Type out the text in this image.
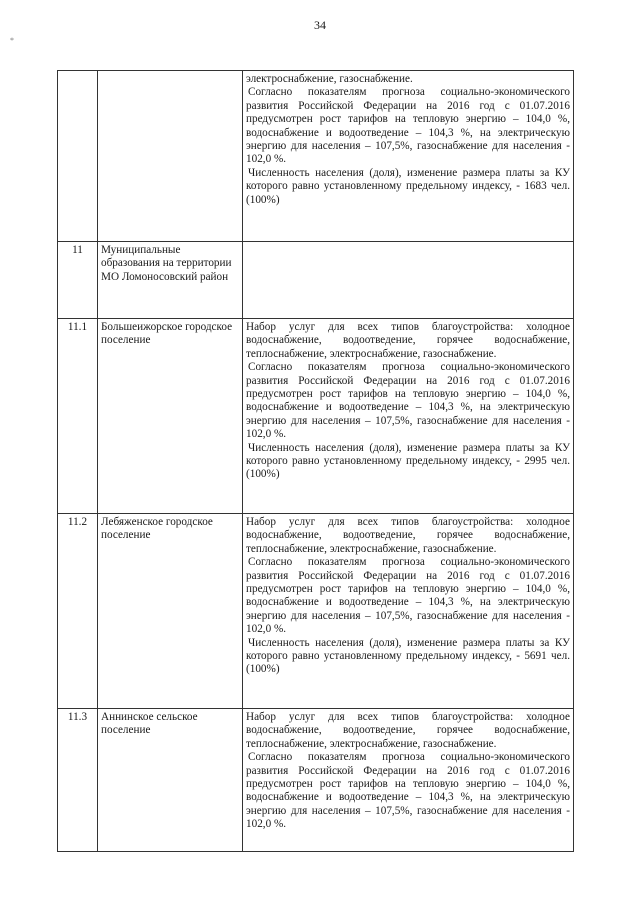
34
*

		электроснабжение, газоснабжение.

Согласно показателям прогноза социально-экономического развития Российской Федерации на 2016 год с 01.07.2016 предусмотрен рост тарифов на тепловую энергию – 104,0 %, водоснабжение и водоотведение – 104,3 %, на электрическую энергию для населения – 107,5%, газоснабжение для населения - 102,0 %.

Численность населения (доля), изменение размера платы за КУ которого равно установленному предельному индексу, - 1683 чел. (100%)

11	Муниципальные образования на территории МО Ломоносовский район	
11.1	Большеижорское городское поселение	Набор услуг для всех типов благоустройства: холодное водоснабжение, водоотведение, горячее водоснабжение, теплоснабжение, электроснабжение, газоснабжение.

Согласно показателям прогноза социально-экономического развития Российской Федерации на 2016 год с 01.07.2016 предусмотрен рост тарифов на тепловую энергию – 104,0 %, водоснабжение и водоотведение – 104,3 %, на электрическую энергию для населения – 107,5%, газоснабжение для населения - 102,0 %.

Численность населения (доля), изменение размера платы за КУ которого равно установленному предельному индексу, - 2995 чел. (100%)

11.2	Лебяженское городское поселение	Набор услуг для всех типов благоустройства: холодное водоснабжение, водоотведение, горячее водоснабжение, теплоснабжение, электроснабжение, газоснабжение.

Согласно показателям прогноза социально-экономического развития Российской Федерации на 2016 год с 01.07.2016 предусмотрен рост тарифов на тепловую энергию – 104,0 %, водоснабжение и водоотведение – 104,3 %, на электрическую энергию для населения – 107,5%, газоснабжение для населения - 102,0 %.

Численность населения (доля), изменение размера платы за КУ которого равно установленному предельному индексу, - 5691 чел. (100%)

11.3	Аннинское сельское поселение	Набор услуг для всех типов благоустройства: холодное водоснабжение, водоотведение, горячее водоснабжение, теплоснабжение, электроснабжение, газоснабжение.

Согласно показателям прогноза социально-экономического развития Российской Федерации на 2016 год с 01.07.2016 предусмотрен рост тарифов на тепловую энергию – 104,0 %, водоснабжение и водоотведение – 104,3 %, на электрическую энергию для населения – 107,5%, газоснабжение для населения - 102,0 %.
